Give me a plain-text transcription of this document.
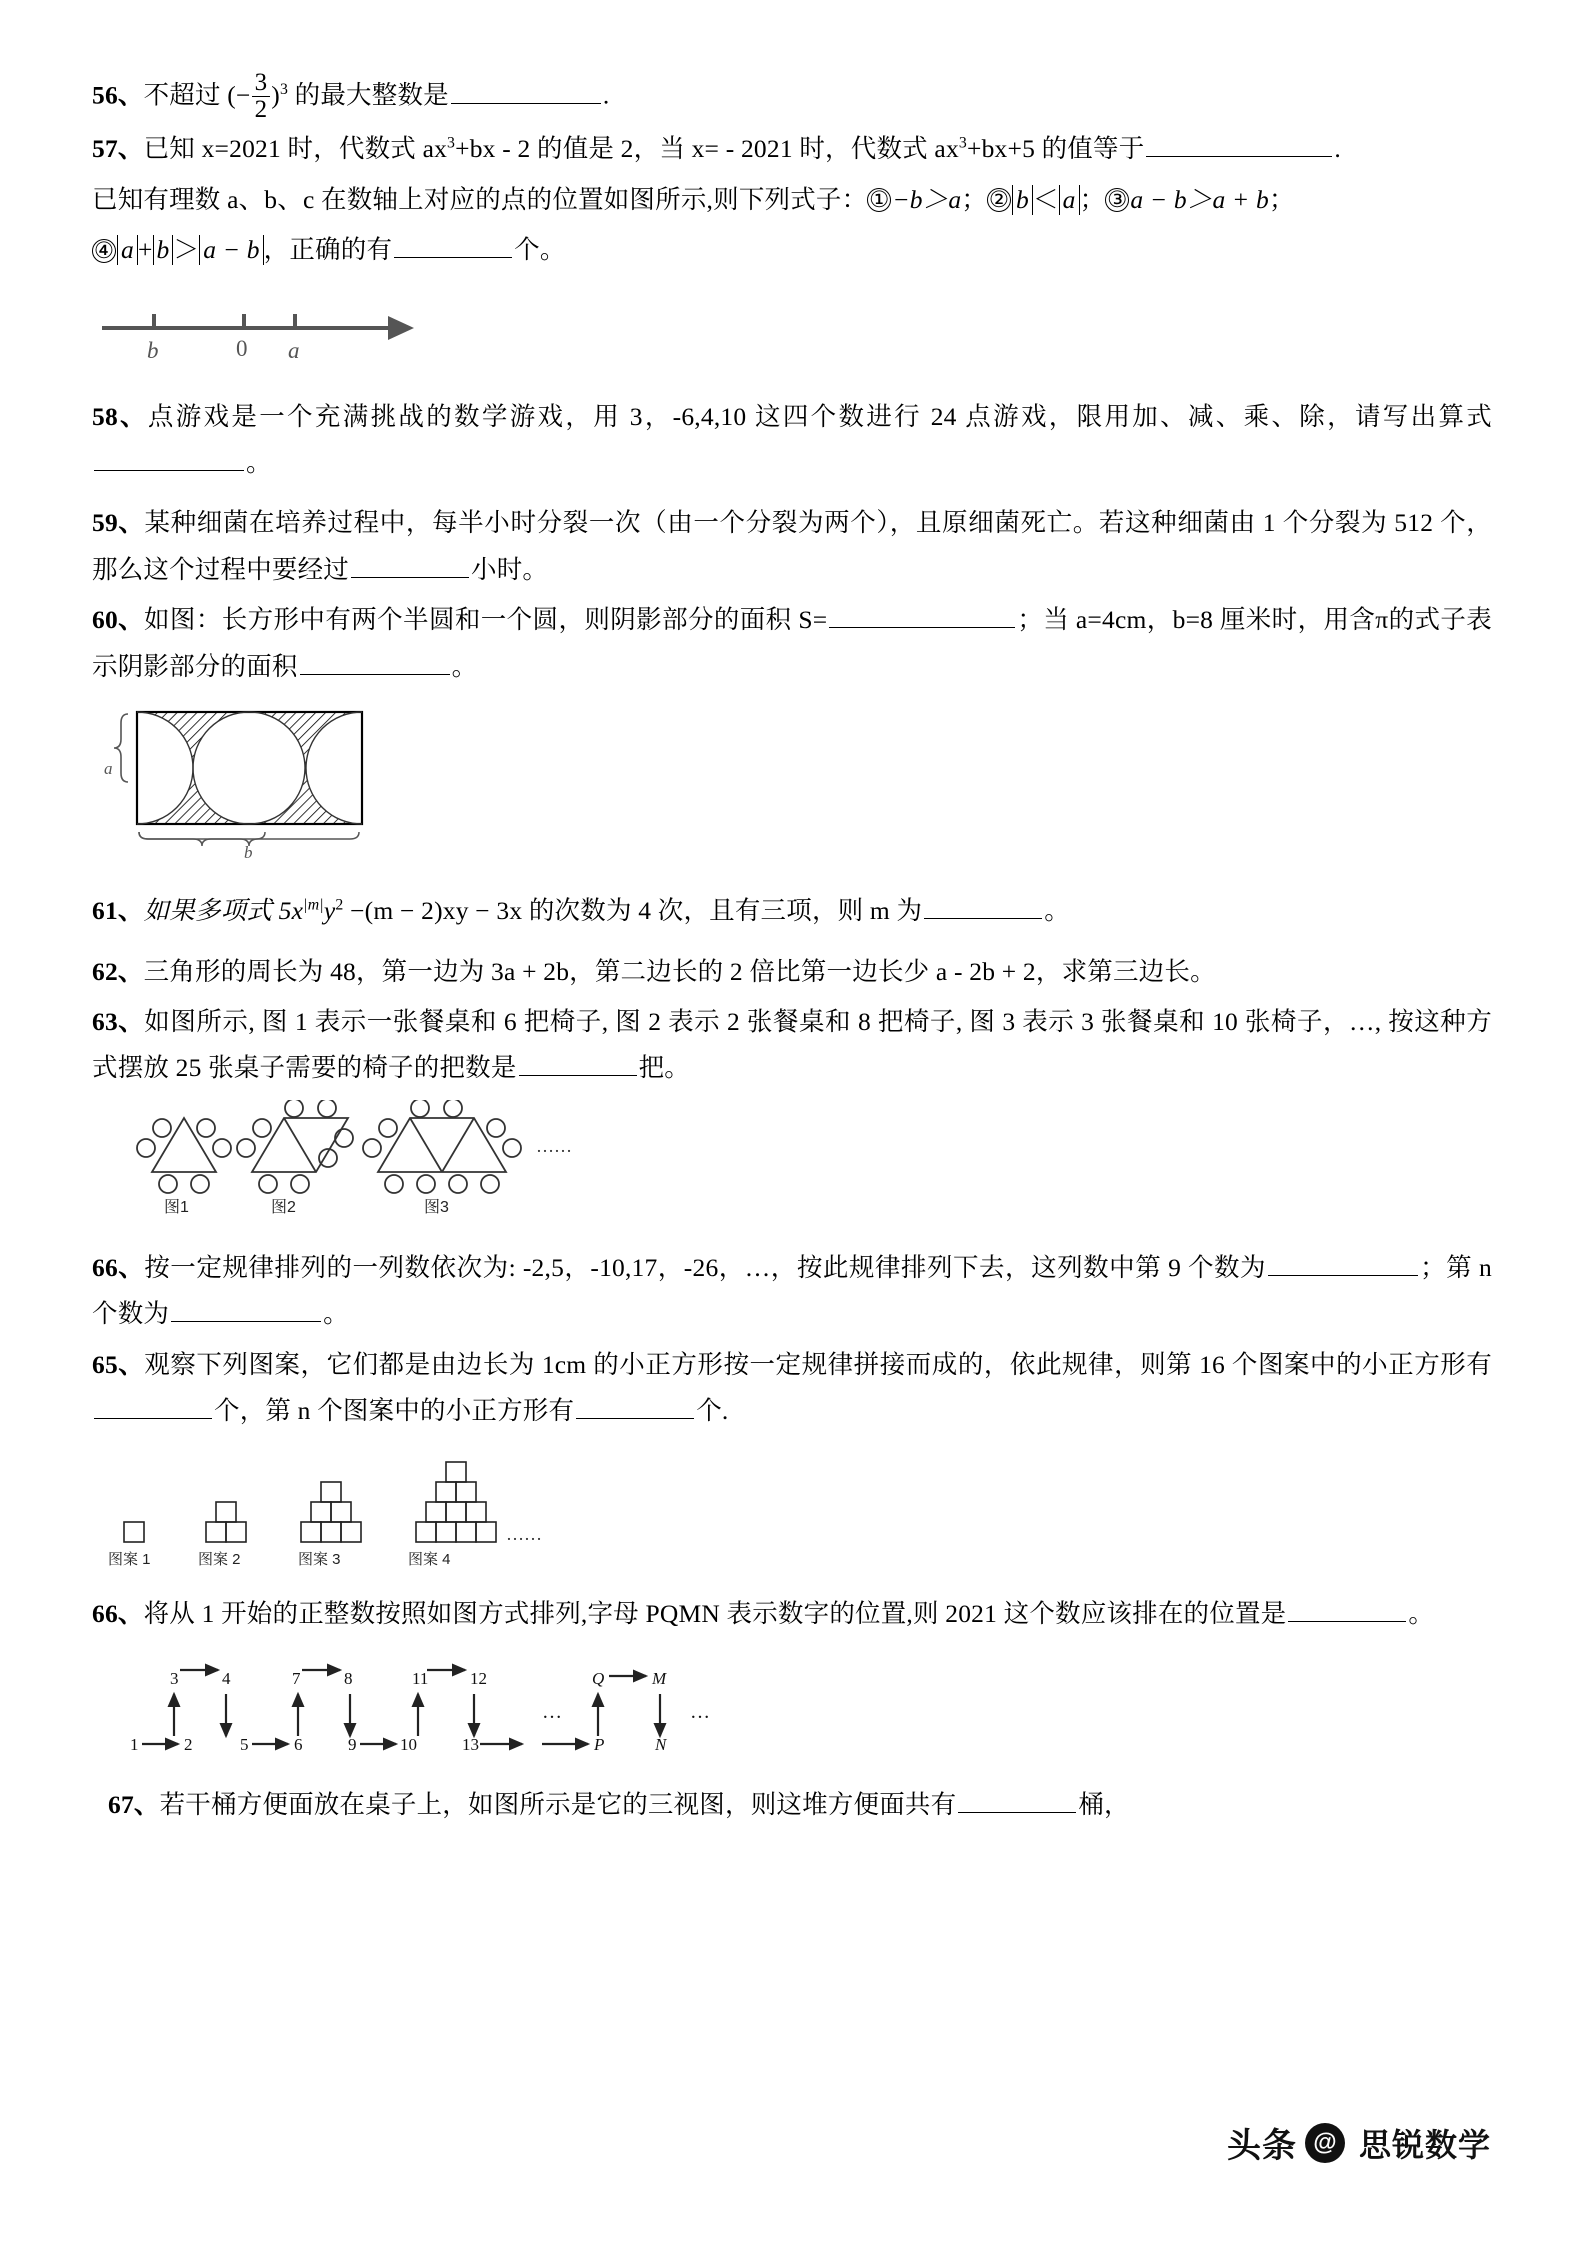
56、不超过 (− $\frac{3}{2} )^3$ 的最大整数是	.

57、已知 x=2021 时，代数式 $ax^3+bx - 2$ 的值是 2，当 x= - 2021 时，代数式 $ax^3+bx+5$ 的值等于	.

已知有理数 a、b、c 在数轴上对应的点的位置如图所示,则下列式子：① −b＞a；② b ＜ a ；③ a − b＞a + b；

④ a + b ＞ a − b ，正确的有	个。

b	0 a

58、点游戏是一个充满挑战的数学游戏，用 3，-6,4,10 这四个数进行 24 点游戏，限用加、减、乘、除，请写出算式。

59、某种细菌在培养过程中，每半小时分裂一次（由一个分裂为两个），且原细菌死亡。若这种细菌由 1 个分裂为 512 个，那么这个过程中要经过	小时。

60、如图：长方形中有两个半圆和一个圆，则阴影部分的面积 S=	；当 a=4cm，b=8 厘米时，用含π的式子表示阴影部分的面积	。

a
b

61、如果多项式 $5x^{|m|}y^2 -(m - 2)xy - 3x$ 的次数为 4 次，且有三项，则 m 为	。

62、三角形的周长为 48，第一边为 3a + 2b，第二边长的 2 倍比第一边长少 a - 2b + 2，求第三边长。

63、如图所示, 图 1 表示一张餐桌和 6 把椅子, 图 2 表示 2 张餐桌和 8 把椅子, 图 3 表示 3 张餐桌和 10 张椅子，…, 按这种方式摆放 25 张桌子需要的椅子的把数是	把。

……
图1	图2	图3

66、按一定规律排列的一列数依次为: -2,5，-10,17，-26，…，按此规律排列下去，这列数中第 9 个数为	；第 n 个数为	。

65、观察下列图案，它们都是由边长为 1cm 的小正方形按一定规律拼接而成的，依此规律，则第 16 个图案中的小正方形有个，第 n 个图案中的小正方形有	个.

……
图案 1	图案 2	图案 3	图案 4

66、将从 1 开始的正整数按照如图方式排列,字母 PQMN 表示数字的位置,则 2021 这个数应该排在的位置是	。

3	4	7	8	11 12	Q	M
1	2	5	6	9	10	13	P	N
…	…

67、若干桶方便面放在桌子上，如图所示是它的三视图，则这堆方便面共有	桶，

头条 @ 思锐数学
